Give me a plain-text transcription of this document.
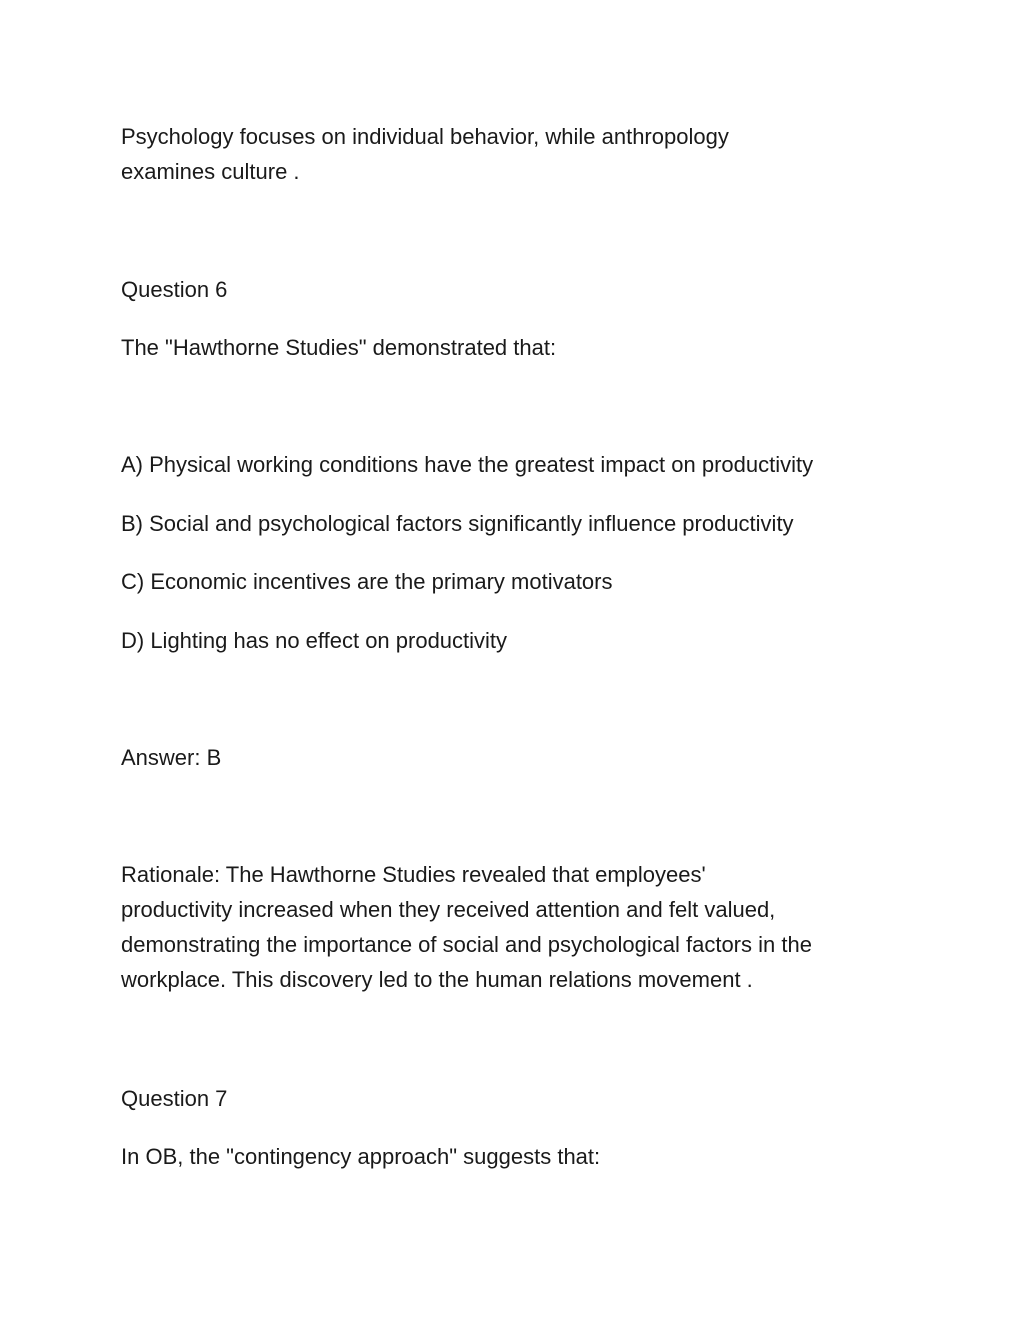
Psychology focuses on individual behavior, while anthropology
examines culture .
Question 6
The "Hawthorne Studies" demonstrated that:
A) Physical working conditions have the greatest impact on productivity
B) Social and psychological factors significantly influence productivity
C) Economic incentives are the primary motivators
D) Lighting has no effect on productivity
Answer: B
Rationale: The Hawthorne Studies revealed that employees'
productivity increased when they received attention and felt valued,
demonstrating the importance of social and psychological factors in the
workplace. This discovery led to the human relations movement .
Question 7
In OB, the "contingency approach" suggests that:
